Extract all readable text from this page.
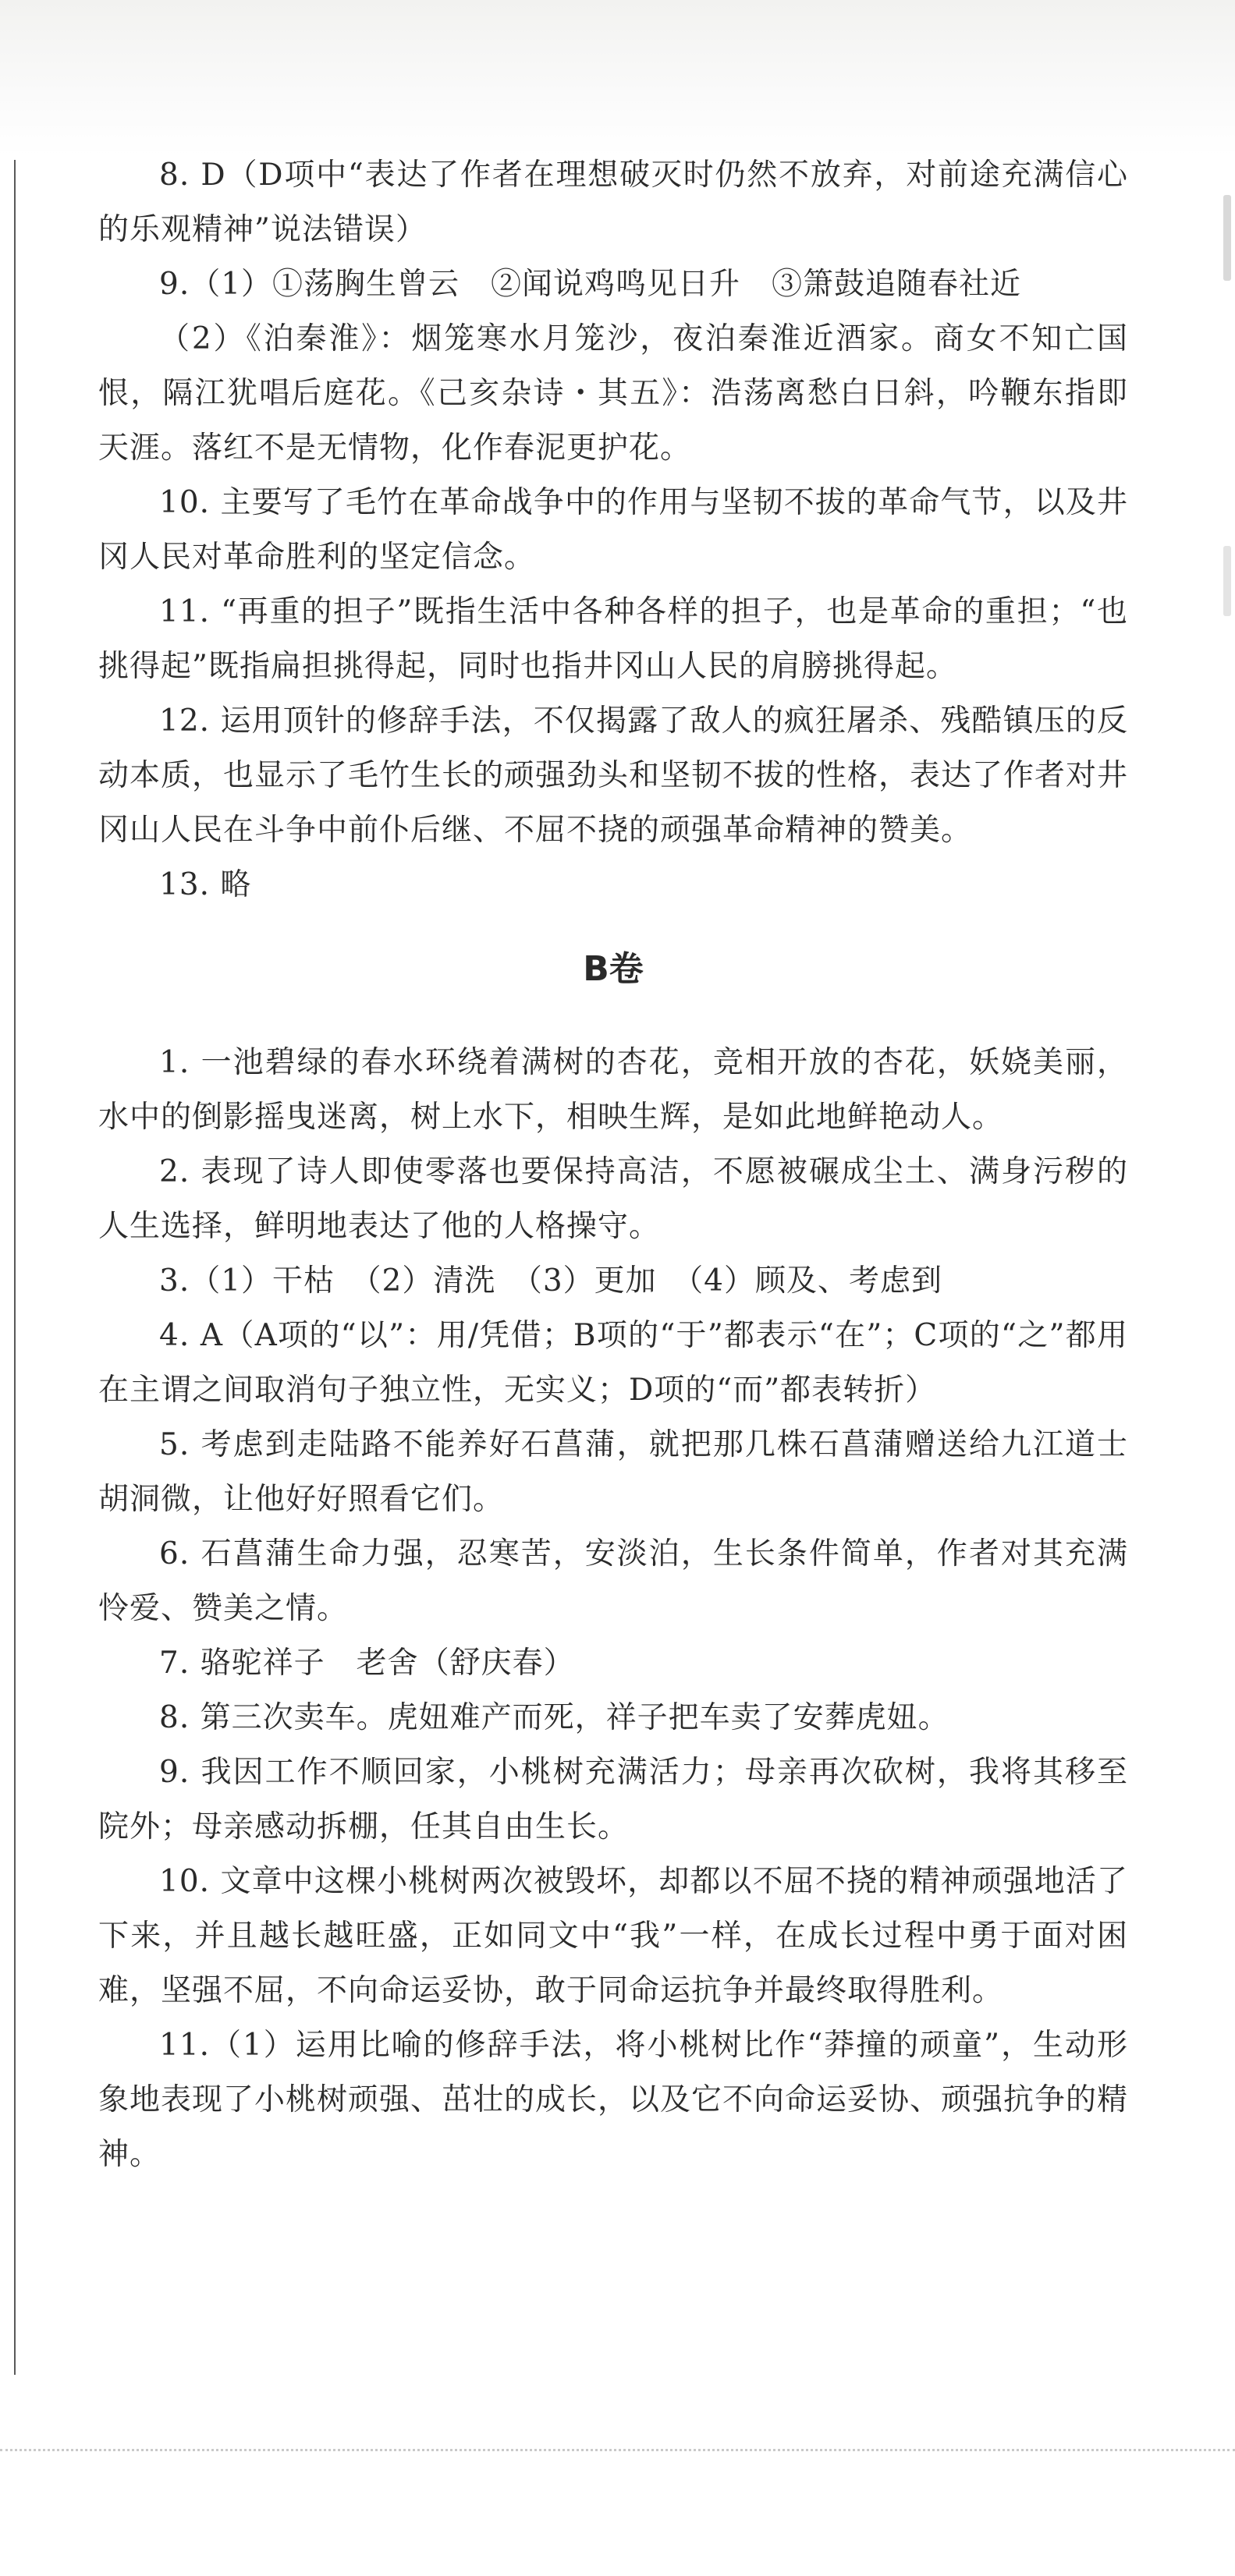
8. D（D项中“表达了作者在理想破灭时仍然不放弃，对前途充满信心的乐观精神”说法错误）

9.（1）①荡胸生曾云　②闻说鸡鸣见日升　③箫鼓追随春社近

（2）《泊秦淮》：烟笼寒水月笼沙，夜泊秦淮近酒家。商女不知亡国恨，隔江犹唱后庭花。《己亥杂诗・其五》：浩荡离愁白日斜，吟鞭东指即天涯。落红不是无情物，化作春泥更护花。

10. 主要写了毛竹在革命战争中的作用与坚韧不拔的革命气节，以及井冈人民对革命胜利的坚定信念。

11. “再重的担子”既指生活中各种各样的担子，也是革命的重担；“也挑得起”既指扁担挑得起，同时也指井冈山人民的肩膀挑得起。

12. 运用顶针的修辞手法，不仅揭露了敌人的疯狂屠杀、残酷镇压的反动本质，也显示了毛竹生长的顽强劲头和坚韧不拔的性格，表达了作者对井冈山人民在斗争中前仆后继、不屈不挠的顽强革命精神的赞美。

13. 略

B卷

1. 一池碧绿的春水环绕着满树的杏花，竞相开放的杏花，妖娆美丽，水中的倒影摇曳迷离，树上水下，相映生辉，是如此地鲜艳动人。

2. 表现了诗人即使零落也要保持高洁，不愿被碾成尘土、满身污秽的人生选择，鲜明地表达了他的人格操守。

3.（1）干枯　（2）清洗　（3）更加　（4）顾及、考虑到

4. A（A项的“以”：用/凭借；B项的“于”都表示“在”；C项的“之”都用在主谓之间取消句子独立性，无实义；D项的“而”都表转折）

5. 考虑到走陆路不能养好石菖蒲，就把那几株石菖蒲赠送给九江道士胡洞微，让他好好照看它们。

6. 石菖蒲生命力强，忍寒苦，安淡泊，生长条件简单，作者对其充满怜爱、赞美之情。

7. 骆驼祥子　老舍（舒庆春）

8. 第三次卖车。虎妞难产而死，祥子把车卖了安葬虎妞。

9. 我因工作不顺回家，小桃树充满活力；母亲再次砍树，我将其移至院外；母亲感动拆棚，任其自由生长。

10. 文章中这棵小桃树两次被毁坏，却都以不屈不挠的精神顽强地活了下来，并且越长越旺盛，正如同文中“我”一样，在成长过程中勇于面对困难，坚强不屈，不向命运妥协，敢于同命运抗争并最终取得胜利。

11.（1）运用比喻的修辞手法，将小桃树比作“莽撞的顽童”，生动形象地表现了小桃树顽强、茁壮的成长，以及它不向命运妥协、顽强抗争的精神。
